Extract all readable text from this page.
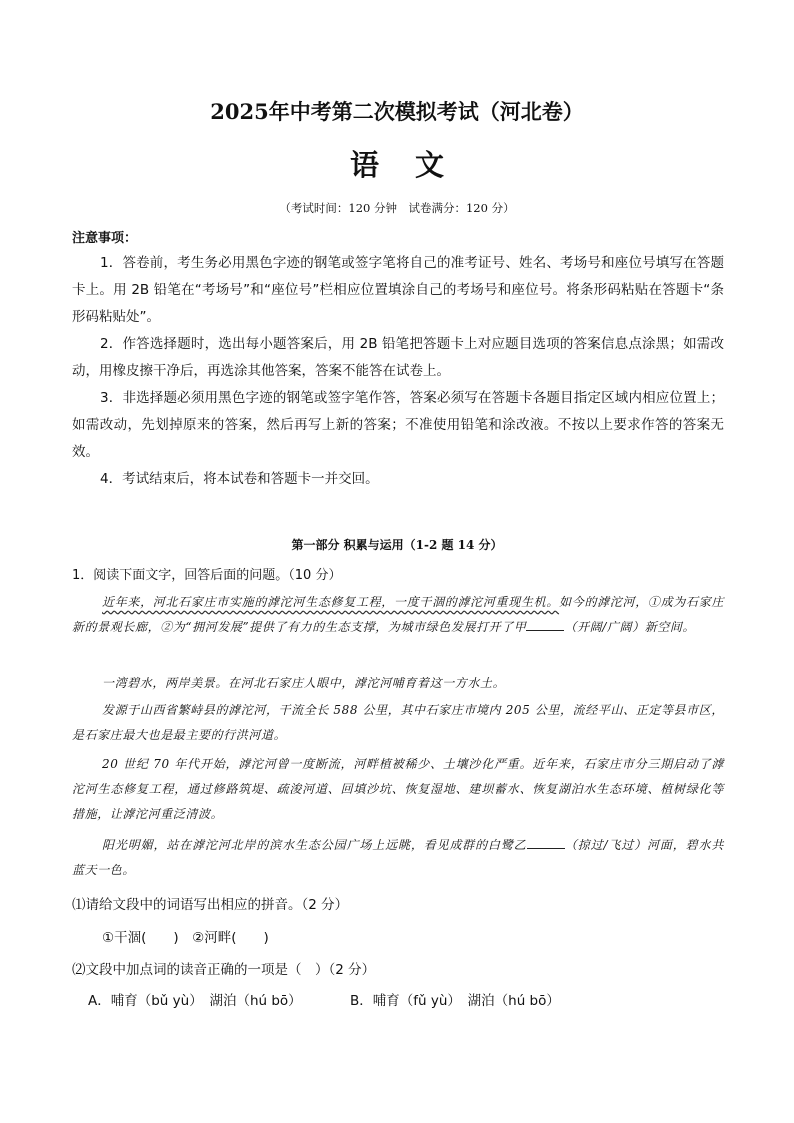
2025年中考第二次模拟考试（河北卷）
语 文
（考试时间：120 分钟　试卷满分：120 分）
注意事项：
1．答卷前，考生务必用黑色字迹的钢笔或签字笔将自己的准考证号、姓名、考场号和座位号填写在答题卡上。用 2B 铅笔在“考场号”和“座位号”栏相应位置填涂自己的考场号和座位号。将条形码粘贴在答题卡“条形码粘贴处”。
2．作答选择题时，选出每小题答案后，用 2B 铅笔把答题卡上对应题目选项的答案信息点涂黑；如需改动，用橡皮擦干净后，再选涂其他答案，答案不能答在试卷上。
3．非选择题必须用黑色字迹的钢笔或签字笔作答，答案必须写在答题卡各题目指定区域内相应位置上；如需改动，先划掉原来的答案，然后再写上新的答案；不准使用铅笔和涂改液。不按以上要求作答的答案无效。
4．考试结束后，将本试卷和答题卡一并交回。
第一部分 积累与运用（1-2 题 14 分）
1．阅读下面文字，回答后面的问题。（10 分）
近年来，河北石家庄市实施的滹沱河生态修复工程，一度干涸的滹沱河重现生机。如今的滹沱河，①成为石家庄新的景观长廊，②为“拥河发展”提供了有力的生态支撑，为城市绿色发展打开了甲	（开阔/广阔）新空间。
一湾碧水，两岸美景。在河北石家庄人眼中，滹沱河哺育着这一方水土。
发源于山西省繁峙县的滹沱河，干流全长 588 公里，其中石家庄市境内 205 公里，流经平山、正定等县市区，是石家庄最大也是最主要的行洪河道。
20 世纪 70 年代开始，滹沱河曾一度断流，河畔植被稀少、土壤沙化严重。近年来，石家庄市分三期启动了滹沱河生态修复工程，通过修路筑堤、疏浚河道、回填沙坑、恢复湿地、建坝蓄水、恢复湖泊水生态环境、植树绿化等措施，让滹沱河重泛清波。
阳光明媚，站在滹沱河北岸的滨水生态公园广场上远眺，看见成群的白鹭乙	（掠过/飞过）河面，碧水共蓝天一色。
⑴请给文段中的词语写出相应的拼音。（2 分）
①干涸(　　)　②河畔(　　)
⑵文段中加点词的读音正确的一项是（　）（2 分）
A．哺育（bǔ yù）　湖泊（hú bō）	B．哺育（fǔ yù）　湖泊（hú bō）
